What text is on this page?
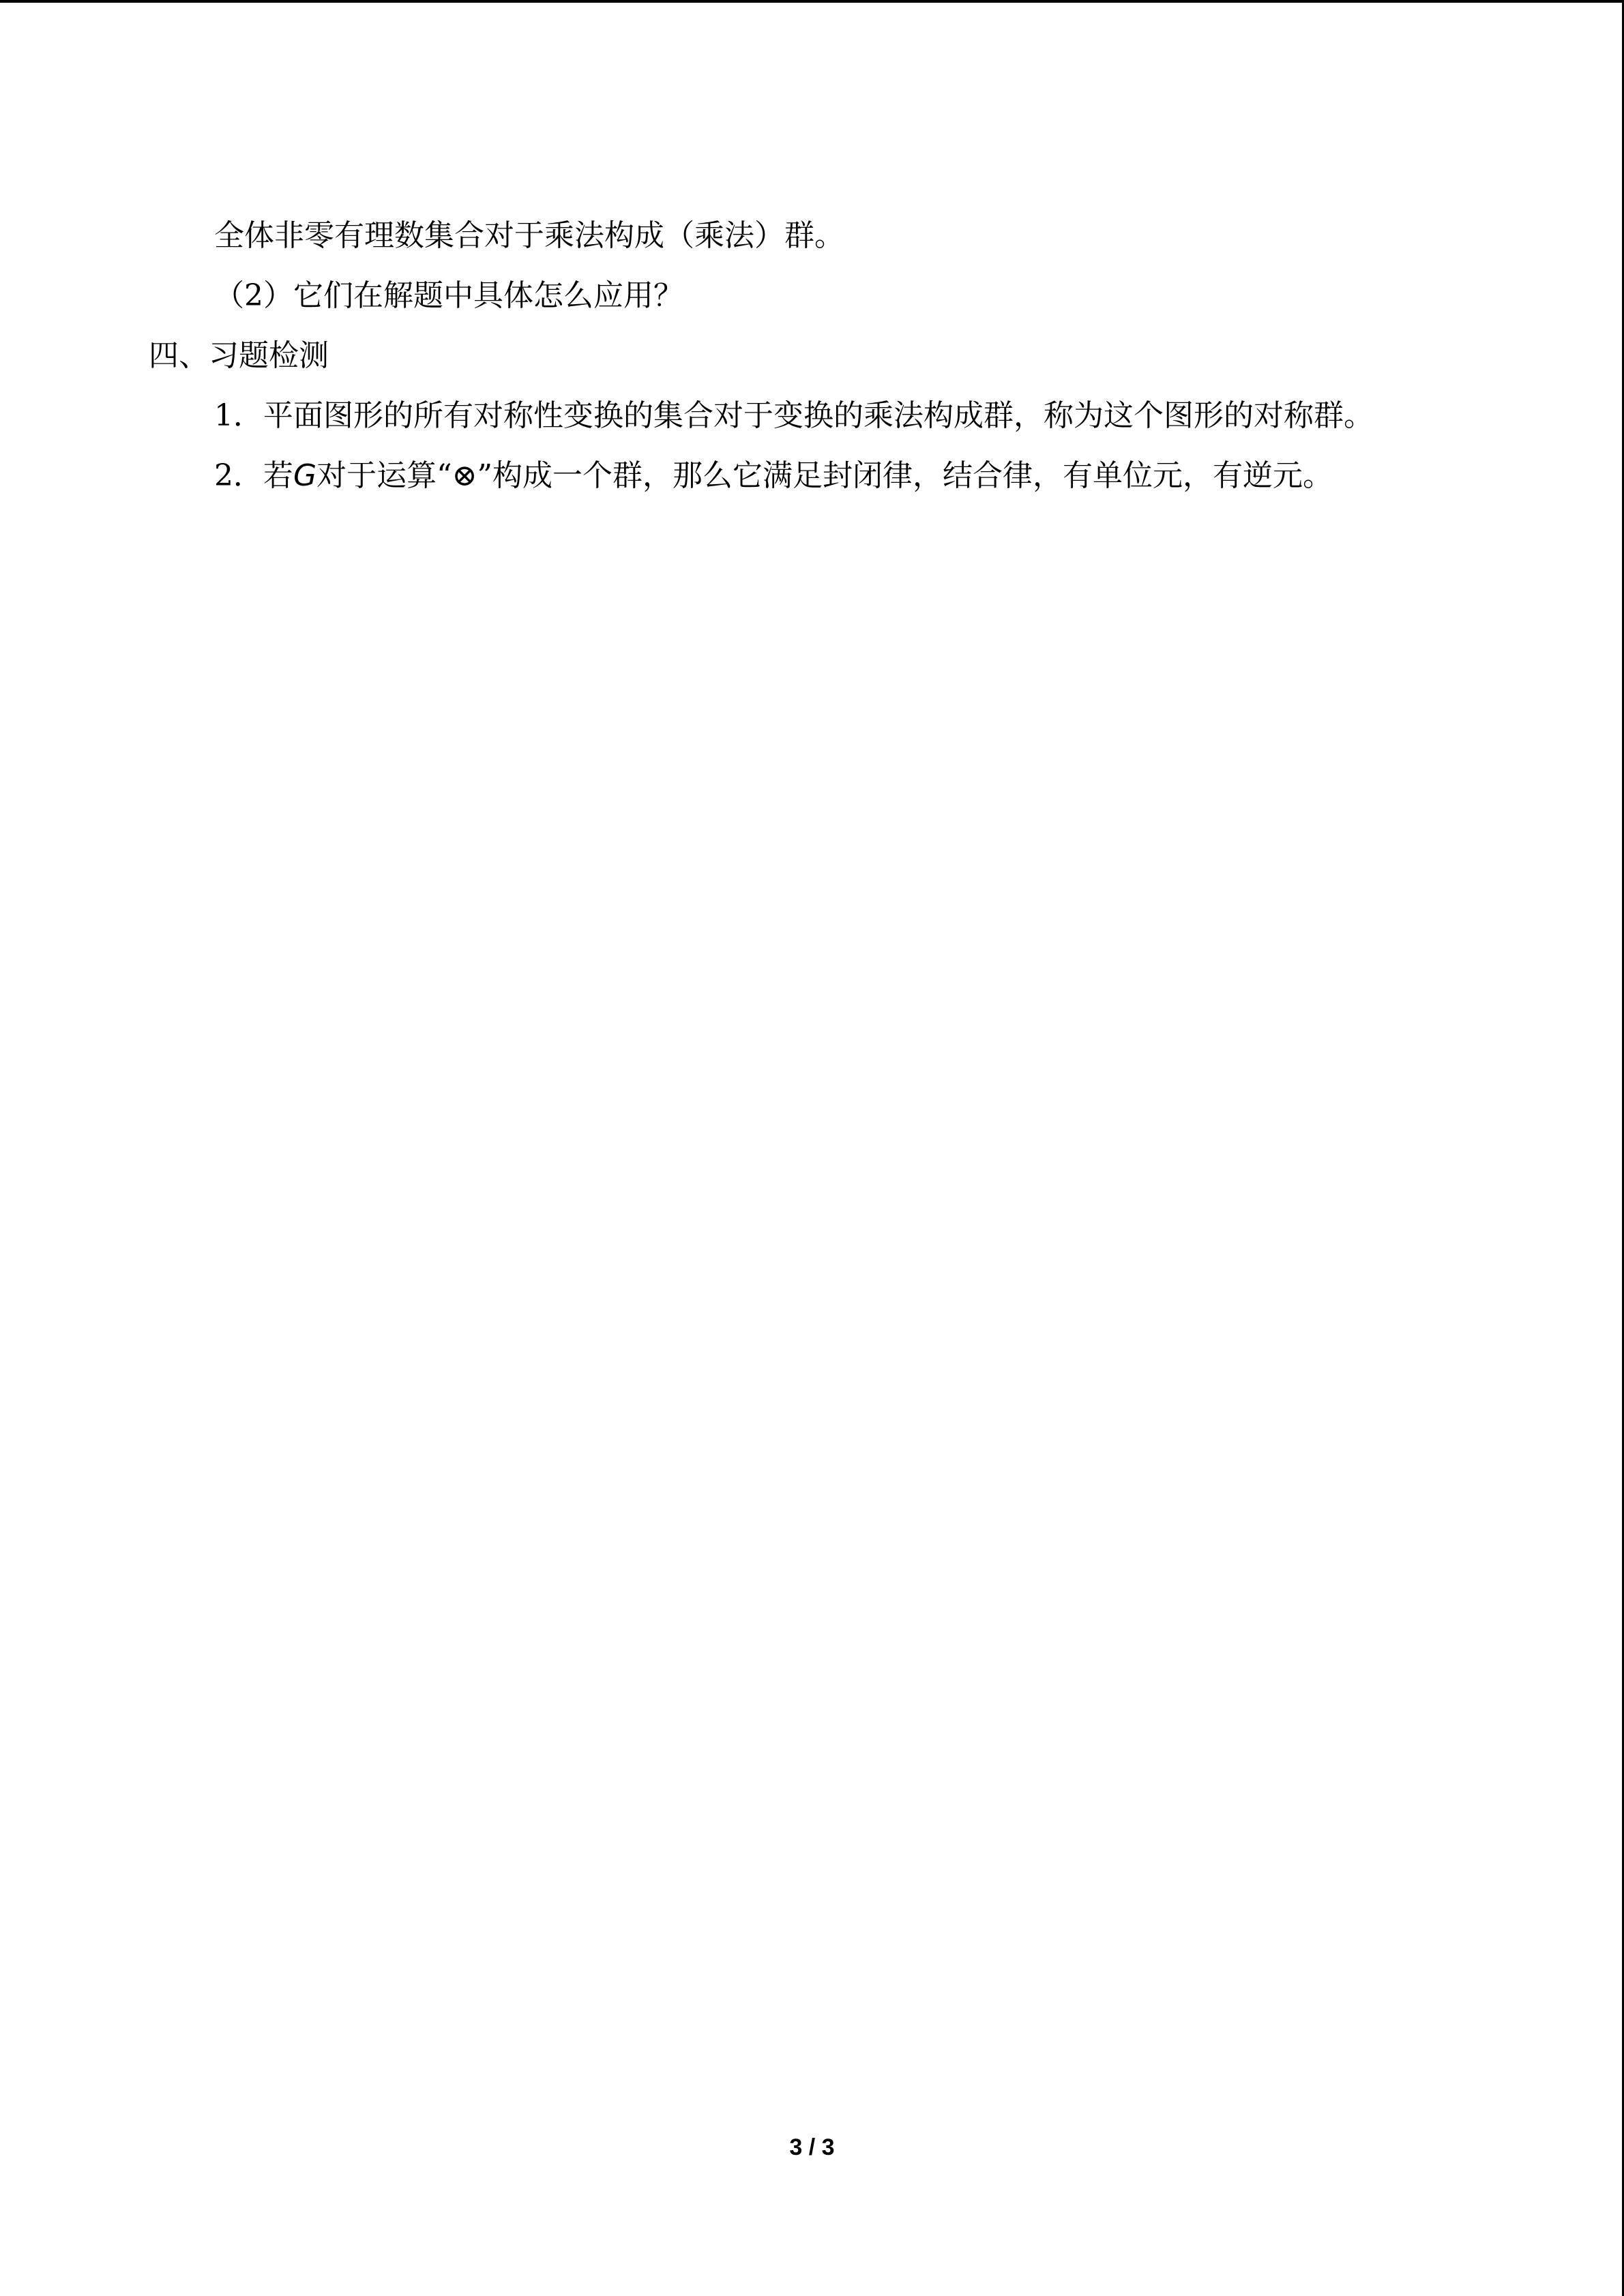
全体非零有理数集合对于乘法构成（乘法）群。
（2）它们在解题中具体怎么应用？
四、习题检测
1．平面图形的所有对称性变换的集合对于变换的乘法构成群，称为这个图形的对称群。
2．若G对于运算“⊗”构成一个群，那么它满足封闭律，结合律，有单位元，有逆元。
3 / 3
